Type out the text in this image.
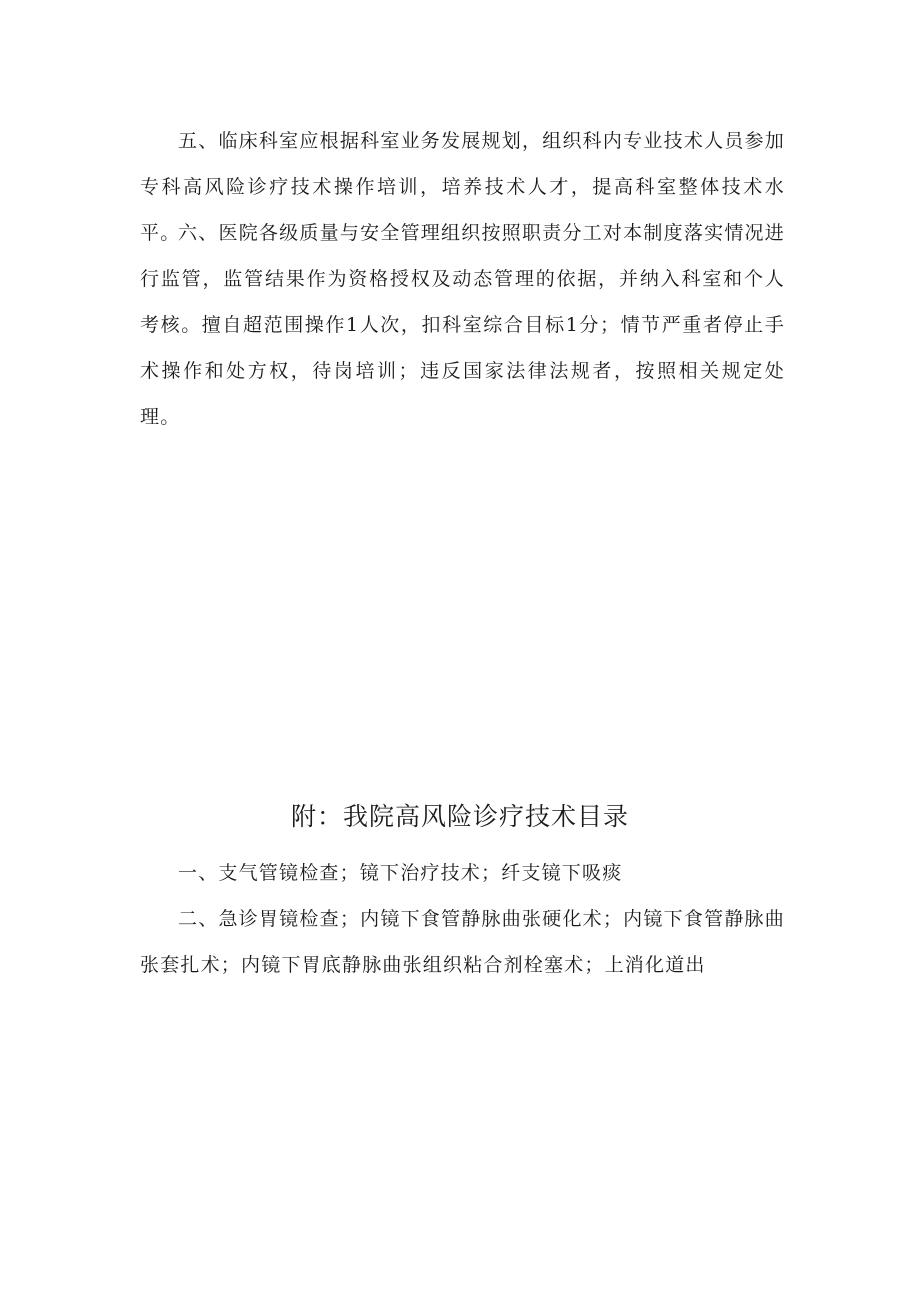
五、临床科室应根据科室业务发展规划，组织科内专业技术人员参加专科高风险诊疗技术操作培训，培养技术人才，提高科室整体技术水平。

六、医院各级质量与安全管理组织按照职责分工对本制度落实情况进行监管，监管结果作为资格授权及动态管理的依据，并纳入科室和个人考核。擅自超范围操作1人次，扣科室综合目标1分；情节严重者停止手术操作和处方权，待岗培训；违反国家法律法规者，按照相关规定处理。

附：我院高风险诊疗技术目录

一、支气管镜检查；镜下治疗技术；纤支镜下吸痰

二、急诊胃镜检查；内镜下食管静脉曲张硬化术；内镜下食管静脉曲张套扎术；内镜下胃底静脉曲张组织粘合剂栓塞术；上消化道出
